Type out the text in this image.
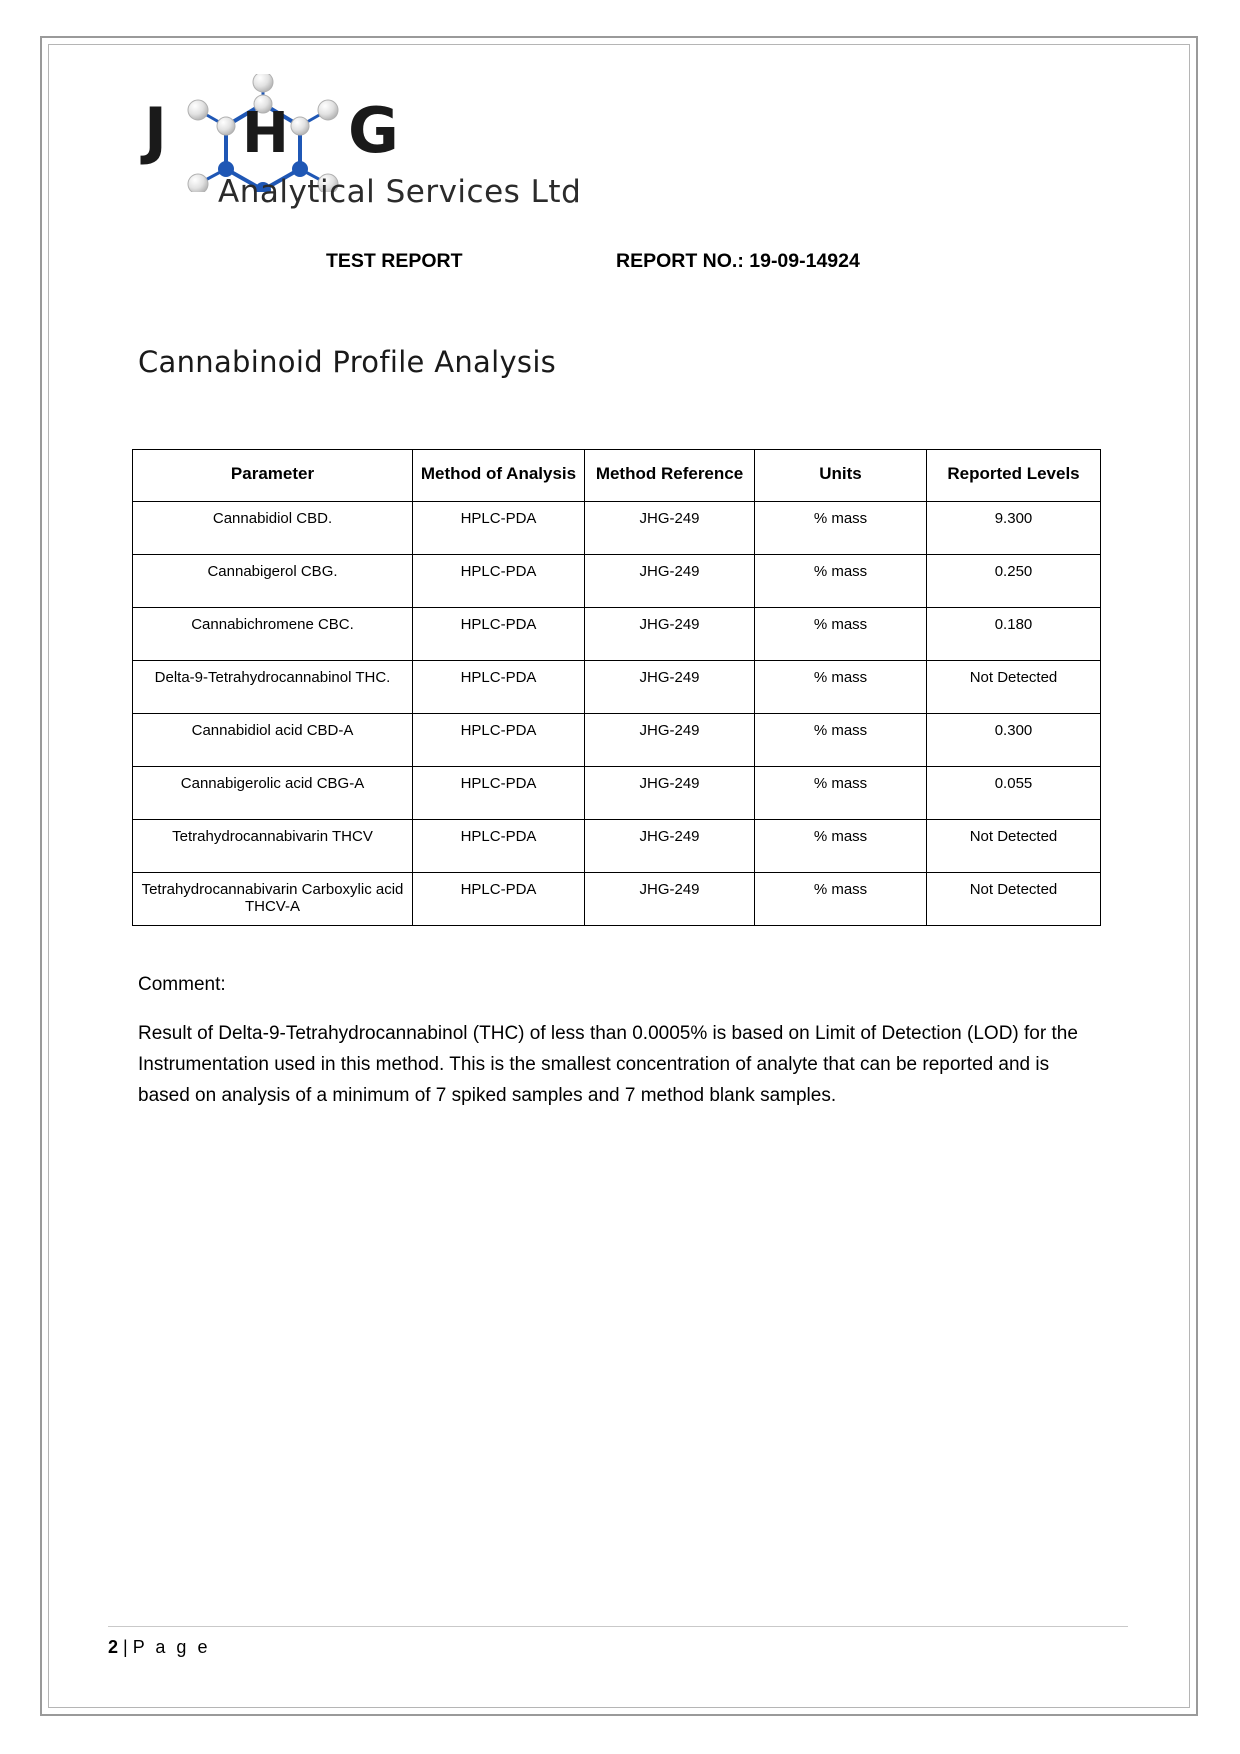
J H G
Analytical Services Ltd
TEST REPORT	REPORT NO.: 19-09-14924
Cannabinoid Profile Analysis
Parameter	Method of Analysis	Method Reference	Units	Reported Levels
Cannabidiol CBD.	HPLC-PDA	JHG-249	% mass	9.300
Cannabigerol CBG.	HPLC-PDA	JHG-249	% mass	0.250
Cannabichromene CBC.	HPLC-PDA	JHG-249	% mass	0.180
Delta-9-Tetrahydrocannabinol THC.	HPLC-PDA	JHG-249	% mass	Not Detected
Cannabidiol acid CBD-A	HPLC-PDA	JHG-249	% mass	0.300
Cannabigerolic acid CBG-A	HPLC-PDA	JHG-249	% mass	0.055
Tetrahydrocannabivarin THCV	HPLC-PDA	JHG-249	% mass	Not Detected
Tetrahydrocannabivarin Carboxylic acid THCV-A	HPLC-PDA	JHG-249	% mass	Not Detected
Comment:
Result of Delta-9-Tetrahydrocannabinol (THC) of less than 0.0005% is based on Limit of Detection (LOD) for the Instrumentation used in this method. This is the smallest concentration of analyte that can be reported and is based on analysis of a minimum of 7 spiked samples and 7 method blank samples.
2 | P a g e
